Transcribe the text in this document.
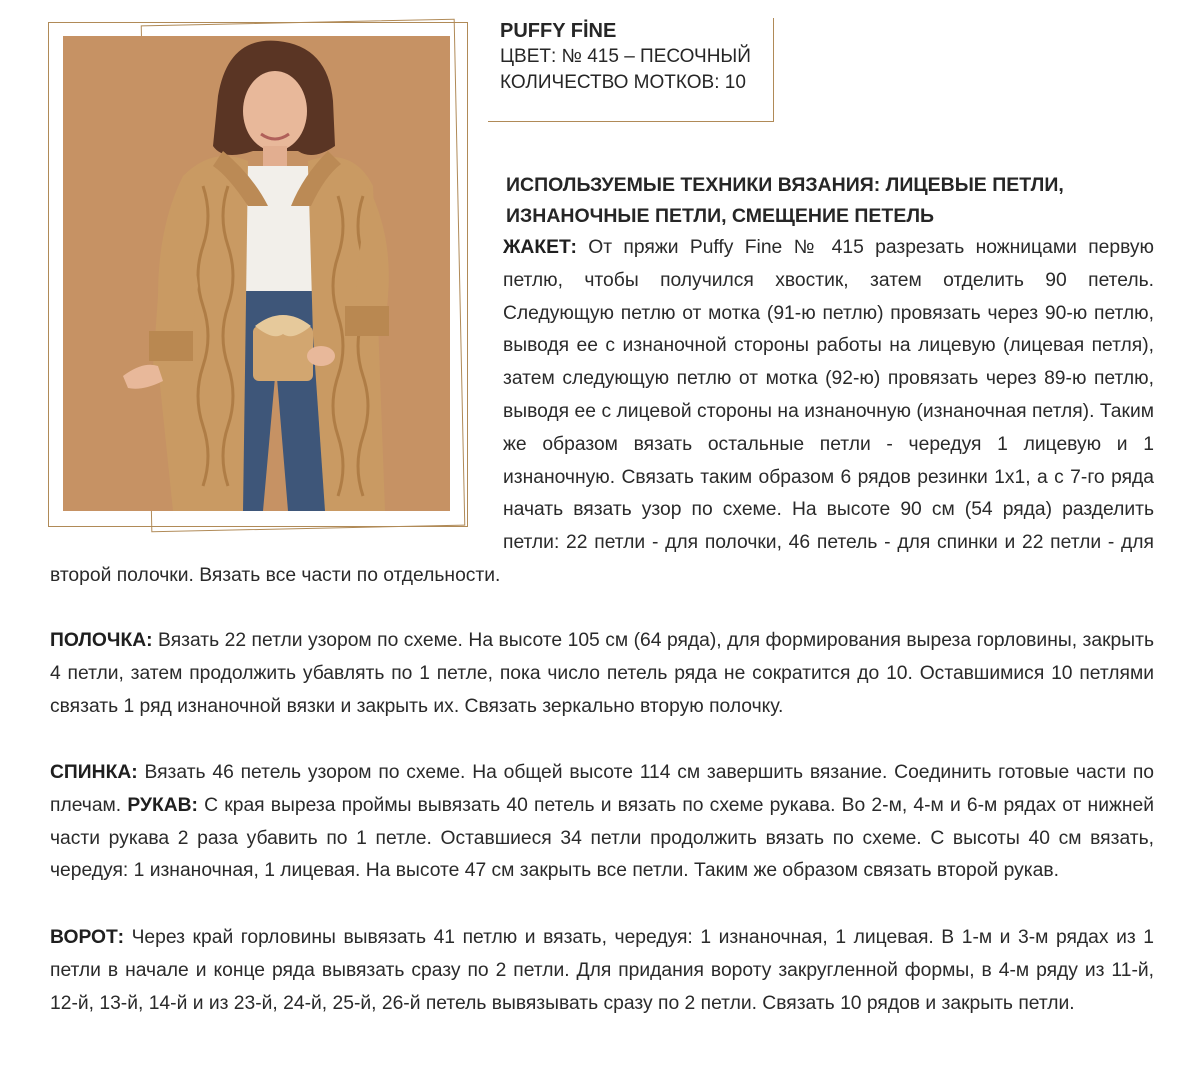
PUFFY FİNE
ЦВЕТ: № 415 – ПЕСОЧНЫЙ
КОЛИЧЕСТВО МОТКОВ: 10
ИСПОЛЬЗУЕМЫЕ ТЕХНИКИ ВЯЗАНИЯ: ЛИЦЕВЫЕ ПЕТЛИ, ИЗНАНОЧНЫЕ ПЕТЛИ, СМЕЩЕНИЕ ПЕТЕЛЬ
ЖАКЕТ: От пряжи Puffy Fine № 415 разрезать ножницами первую петлю, чтобы получился хвостик, затем отделить 90 петель. Следующую петлю от мотка (91-ю петлю) провязать через 90-ю петлю, выводя ее с изнаночной стороны работы на лицевую (лицевая петля), затем следующую петлю от мотка (92-ю) провязать через 89-ю петлю, выводя ее с лицевой стороны на изнаночную (изнаночная петля). Таким же образом вязать остальные петли - чередуя 1 лицевую и 1 изнаночную. Связать таким образом 6 рядов резинки 1х1, а с 7-го ряда начать вязать узор по схеме. На высоте 90 см (54 ряда) разделить петли: 22 петли - для полочки, 46 петель - для спинки и 22 петли - для второй полочки. Вязать все части по отдельности.
ПОЛОЧКА: Вязать 22 петли узором по схеме. На высоте 105 см (64 ряда), для формирования выреза горловины, закрыть 4 петли, затем продолжить убавлять по 1 петле, пока число петель ряда не сократится до 10. Оставшимися 10 петлями связать 1 ряд изнаночной вязки и закрыть их. Связать зеркально вторую полочку.
СПИНКА: Вязать 46 петель узором по схеме. На общей высоте 114 см завершить вязание. Соединить готовые части по плечам. РУКАВ: С края выреза проймы вывязать 40 петель и вязать по схеме рукава. Во 2-м, 4-м и 6-м рядах от нижней части рукава 2 раза убавить по 1 петле. Оставшиеся 34 петли продолжить вязать по схеме. С высоты 40 см вязать, чередуя: 1 изнаночная, 1 лицевая. На высоте 47 см закрыть все петли. Таким же образом связать второй рукав.
ВОРОТ: Через край горловины вывязать 41 петлю и вязать, чередуя: 1 изнаночная, 1 лицевая. В 1-м и 3-м рядах из 1 петли в начале и конце ряда вывязать сразу по 2 петли. Для придания вороту закругленной формы, в 4-м ряду из 11-й, 12-й, 13-й, 14-й и из 23-й, 24-й, 25-й, 26-й петель вывязывать сразу по 2 петли. Связать 10 рядов и закрыть петли.
